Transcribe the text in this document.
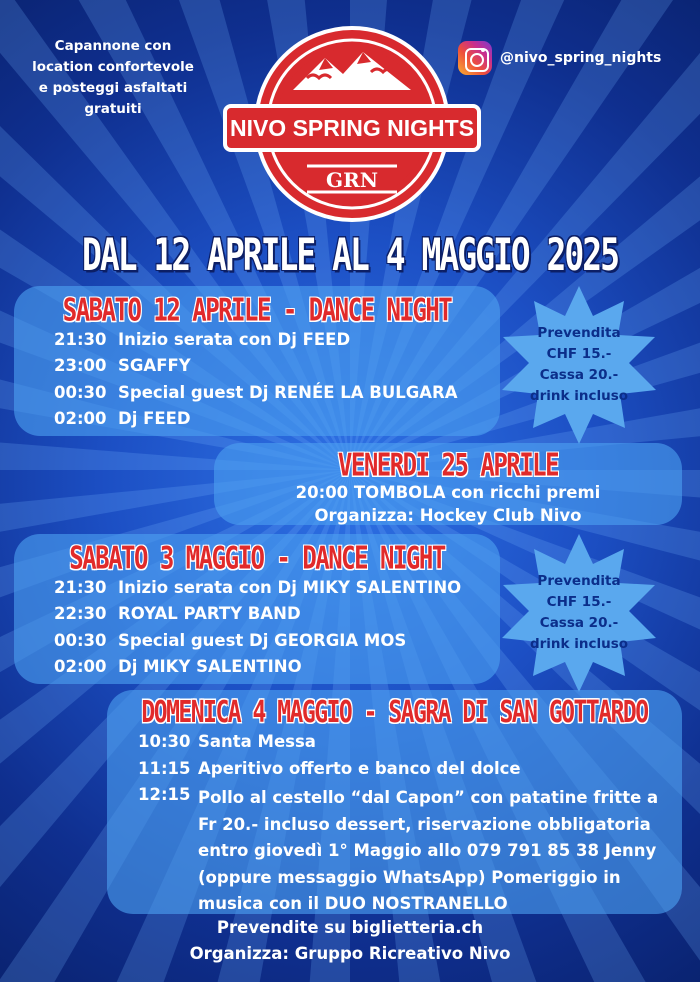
Capannone con
location confortevole
e posteggi asfaltati
gratuiti
@nivo_spring_nights
NIVO SPRING NIGHTS
GRN
DAL 12 APRILE AL 4 MAGGIO 2025
SABATO 12 APRILE - DANCE NIGHT
21:30 Inizio serata con Dj FEED
23:00 SGAFFY
00:30 Special guest Dj RENÉE LA BULGARA
02:00 Dj FEED
Prevendita
CHF 15.-
Cassa 20.-
drink incluso
VENERDI 25 APRILE
20:00 TOMBOLA con ricchi premi
Organizza: Hockey Club Nivo
SABATO 3 MAGGIO - DANCE NIGHT
21:30 Inizio serata con Dj MIKY SALENTINO
22:30 ROYAL PARTY BAND
00:30 Special guest Dj GEORGIA MOS
02:00 Dj MIKY SALENTINO
Prevendita
CHF 15.-
Cassa 20.-
drink incluso
DOMENICA 4 MAGGIO - SAGRA DI SAN GOTTARDO
10:30 Santa Messa
11:15 Aperitivo offerto e banco del dolce
12:15 Pollo al cestello “dal Capon” con patatine fritte a Fr 20.- incluso dessert, riservazione obbligatoria entro giovedì 1° Maggio allo 079 791 85 38 Jenny (oppure messaggio WhatsApp) Pomeriggio in musica con il DUO NOSTRANELLO
Prevendite su biglietteria.ch
Organizza: Gruppo Ricreativo Nivo
